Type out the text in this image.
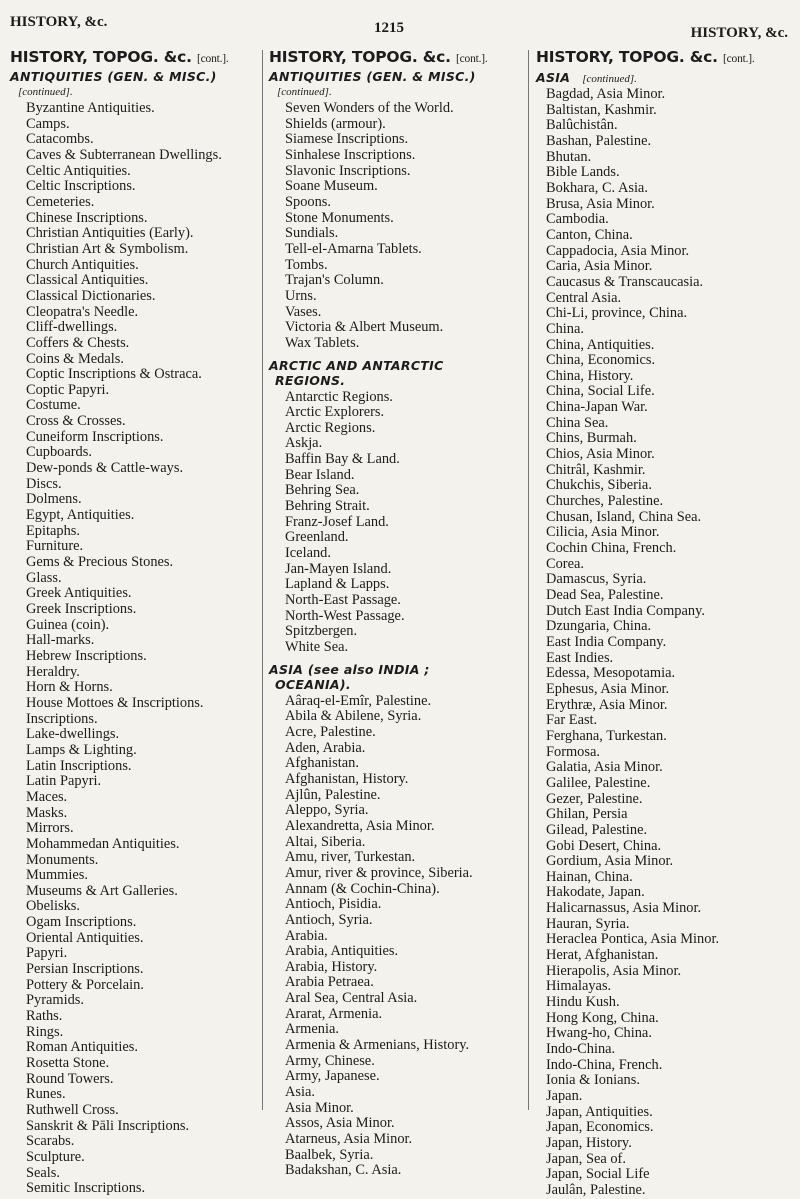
HISTORY, &c.	1215	HISTORY, &c.
HISTORY, TOPOG. &c. [cont.].
ANTIQUITIES (GEN. & MISC.)
[continued].
Byzantine Antiquities.
Camps.
Catacombs.
Caves & Subterranean Dwellings.
Celtic Antiquities.
Celtic Inscriptions.
Cemeteries.
Chinese Inscriptions.
Christian Antiquities (Early).
Christian Art & Symbolism.
Church Antiquities.
Classical Antiquities.
Classical Dictionaries.
Cleopatra's Needle.
Cliff-dwellings.
Coffers & Chests.
Coins & Medals.
Coptic Inscriptions & Ostraca.
Coptic Papyri.
Costume.
Cross & Crosses.
Cuneiform Inscriptions.
Cupboards.
Dew-ponds & Cattle-ways.
Discs.
Dolmens.
Egypt, Antiquities.
Epitaphs.
Furniture.
Gems & Precious Stones.
Glass.
Greek Antiquities.
Greek Inscriptions.
Guinea (coin).
Hall-marks.
Hebrew Inscriptions.
Heraldry.
Horn & Horns.
House Mottoes & Inscriptions.
Inscriptions.
Lake-dwellings.
Lamps & Lighting.
Latin Inscriptions.
Latin Papyri.
Maces.
Masks.
Mirrors.
Mohammedan Antiquities.
Monuments.
Mummies.
Museums & Art Galleries.
Obelisks.
Ogam Inscriptions.
Oriental Antiquities.
Papyri.
Persian Inscriptions.
Pottery & Porcelain.
Pyramids.
Raths.
Rings.
Roman Antiquities.
Rosetta Stone.
Round Towers.
Runes.
Ruthwell Cross.
Sanskrit & Pāli Inscriptions.
Scarabs.
Sculpture.
Seals.
Semitic Inscriptions.
HISTORY, TOPOG. &c. [cont.].
ANTIQUITIES (GEN. & MISC.)
[continued].
Seven Wonders of the World.
Shields (armour).
Siamese Inscriptions.
Sinhalese Inscriptions.
Slavonic Inscriptions.
Soane Museum.
Spoons.
Stone Monuments.
Sundials.
Tell-el-Amarna Tablets.
Tombs.
Trajan's Column.
Urns.
Vases.
Victoria & Albert Museum.
Wax Tablets.
ARCTIC AND ANTARCTIC
REGIONS.
Antarctic Regions.
Arctic Explorers.
Arctic Regions.
Askja.
Baffin Bay & Land.
Bear Island.
Behring Sea.
Behring Strait.
Franz-Josef Land.
Greenland.
Iceland.
Jan-Mayen Island.
Lapland & Lapps.
North-East Passage.
North-West Passage.
Spitzbergen.
White Sea.
ASIA (see also INDIA ;
OCEANIA).
Aâraq-el-Emîr, Palestine.
Abila & Abilene, Syria.
Acre, Palestine.
Aden, Arabia.
Afghanistan.
Afghanistan, History.
Ajlûn, Palestine.
Aleppo, Syria.
Alexandretta, Asia Minor.
Altai, Siberia.
Amu, river, Turkestan.
Amur, river & province, Siberia.
Annam (& Cochin-China).
Antioch, Pisidia.
Antioch, Syria.
Arabia.
Arabia, Antiquities.
Arabia, History.
Arabia Petraea.
Aral Sea, Central Asia.
Ararat, Armenia.
Armenia.
Armenia & Armenians, History.
Army, Chinese.
Army, Japanese.
Asia.
Asia Minor.
Assos, Asia Minor.
Atarneus, Asia Minor.
Baalbek, Syria.
Badakshan, C. Asia.
HISTORY, TOPOG. &c. [cont.].
ASIA [continued].
Bagdad, Asia Minor.
Baltistan, Kashmir.
Balûchistân.
Bashan, Palestine.
Bhutan.
Bible Lands.
Bokhara, C. Asia.
Brusa, Asia Minor.
Cambodia.
Canton, China.
Cappadocia, Asia Minor.
Caria, Asia Minor.
Caucasus & Transcaucasia.
Central Asia.
Chi-Li, province, China.
China.
China, Antiquities.
China, Economics.
China, History.
China, Social Life.
China-Japan War.
China Sea.
Chins, Burmah.
Chios, Asia Minor.
Chitrâl, Kashmir.
Chukchis, Siberia.
Churches, Palestine.
Chusan, Island, China Sea.
Cilicia, Asia Minor.
Cochin China, French.
Corea.
Damascus, Syria.
Dead Sea, Palestine.
Dutch East India Company.
Dzungaria, China.
East India Company.
East Indies.
Edessa, Mesopotamia.
Ephesus, Asia Minor.
Erythræ, Asia Minor.
Far East.
Ferghana, Turkestan.
Formosa.
Galatia, Asia Minor.
Galilee, Palestine.
Gezer, Palestine.
Ghilan, Persia
Gilead, Palestine.
Gobi Desert, China.
Gordium, Asia Minor.
Hainan, China.
Hakodate, Japan.
Halicarnassus, Asia Minor.
Hauran, Syria.
Heraclea Pontica, Asia Minor.
Herat, Afghanistan.
Hierapolis, Asia Minor.
Himalayas.
Hindu Kush.
Hong Kong, China.
Hwang-ho, China.
Indo-China.
Indo-China, French.
Ionia & Ionians.
Japan.
Japan, Antiquities.
Japan, Economics.
Japan, History.
Japan, Sea of.
Japan, Social Life
Jaulân, Palestine.
